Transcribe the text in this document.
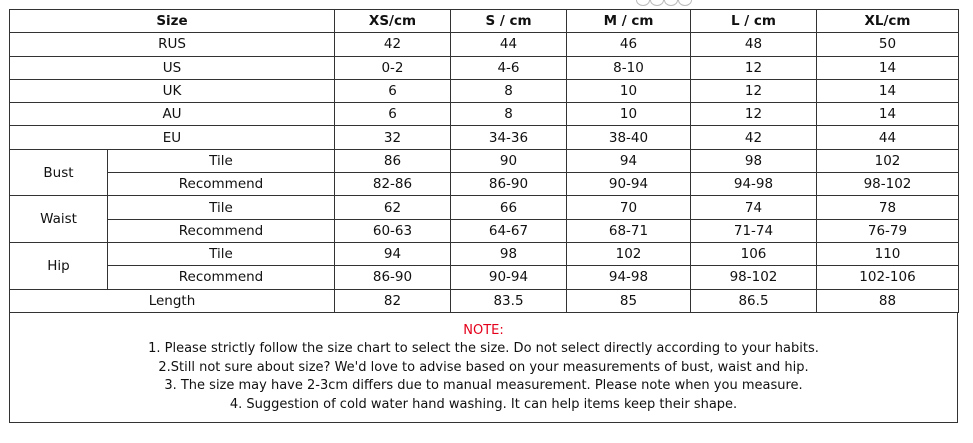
Size		XS/cm	S / cm	M / cm	L / cm	XL/cm
RUS		42	44	46	48	50
US		0-2	4-6	8-10	12	14
UK		6	8	10	12	14
AU		6	8	10	12	14
EU		32	34-36	38-40	42	44
Bust	Tile	86	90	94	98	102
	Recommend	82-86	86-90	90-94	94-98	98-102
Waist	Tile	62	66	70	74	78
	Recommend	60-63	64-67	68-71	71-74	76-79
Hip	Tile	94	98	102	106	110
	Recommend	86-90	90-94	94-98	98-102	102-106
Length		82	83.5	85	86.5	88
NOTE:
1. Please strictly follow the size chart to select the size. Do not select directly according to your habits.
2.Still not sure about size? We'd love to advise based on your measurements of bust, waist and hip.
3. The size may have 2-3cm differs due to manual measurement. Please note when you measure.
4. Suggestion of cold water hand washing. It can help items keep their shape.
